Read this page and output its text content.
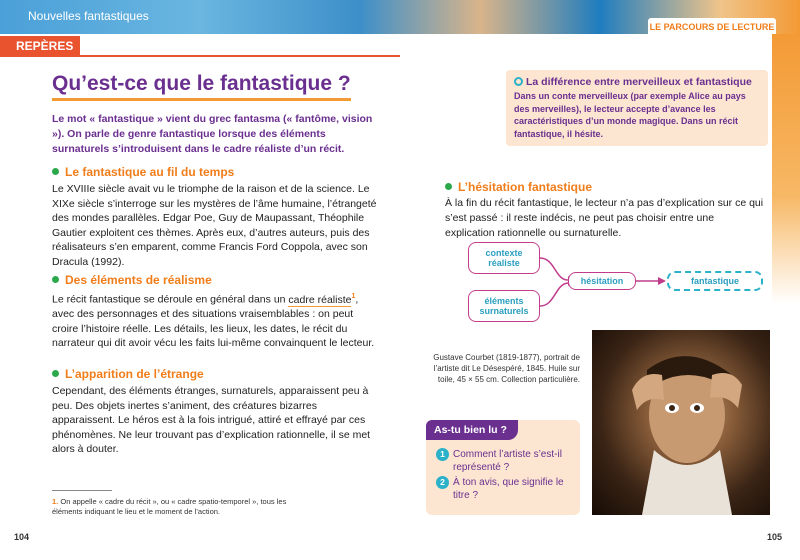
Nouvelles fantastiques
LE PARCOURS DE LECTURE
REPÈRES
Qu’est-ce que le fantastique ?
Le mot « fantastique » vient du grec fantasma (« fantôme, vision »). On parle de genre fantastique lorsque des éléments surnaturels s’introduisent dans le cadre réaliste d’un récit.
Le fantastique au fil du temps
Le XVIIIe siècle avait vu le triomphe de la raison et de la science. Le XIXe siècle s’interroge sur les mystères de l’âme humaine, l’étrangeté des mondes parallèles. Edgar Poe, Guy de Maupassant, Théophile Gautier exploitent ces thèmes. Après eux, d’autres auteurs, puis des réalisateurs s’en emparent, comme Francis Ford Coppola, avec son Dracula (1992).
Des éléments de réalisme
Le récit fantastique se déroule en général dans un cadre réaliste$^1$, avec des personnages et des situations vraisemblables : on peut croire l’histoire réelle. Les détails, les lieux, les dates, le récit du narrateur qui dit avoir vécu les faits lui-même convainquent le lecteur.
L’apparition de l’étrange
Cependant, des éléments étranges, surnaturels, apparaissent peu à peu. Des objets inertes s’animent, des créatures bizarres apparaissent. Le héros est à la fois intrigué, attiré et effrayé par ces phénomènes. Ne leur trouvant pas d’explication rationnelle, il se met alors à douter.
1. On appelle « cadre du récit », ou « cadre spatio-temporel », tous les éléments indiquant le lieu et le moment de l’action.
104
La différence entre merveilleux et fantastique
Dans un conte merveilleux (par exemple Alice au pays des merveilles), le lecteur accepte d’avance les caractéristiques d’un monde magique. Dans un récit fantastique, il hésite.
L’hésitation fantastique
À la fin du récit fantastique, le lecteur n’a pas d’explication sur ce qui s’est passé : il reste indécis, ne peut pas choisir entre une explication rationnelle ou surnaturelle.
contexte réaliste
éléments surnaturels
hésitation	fantastique
Gustave Courbet (1819-1877), portrait de l’artiste dit Le Désespéré, 1845. Huile sur toile, 45 × 55 cm. Collection particulière.
As-tu bien lu ?
1 Comment l’artiste s’est-il représenté ?
2 À ton avis, que signifie le titre ?
105
